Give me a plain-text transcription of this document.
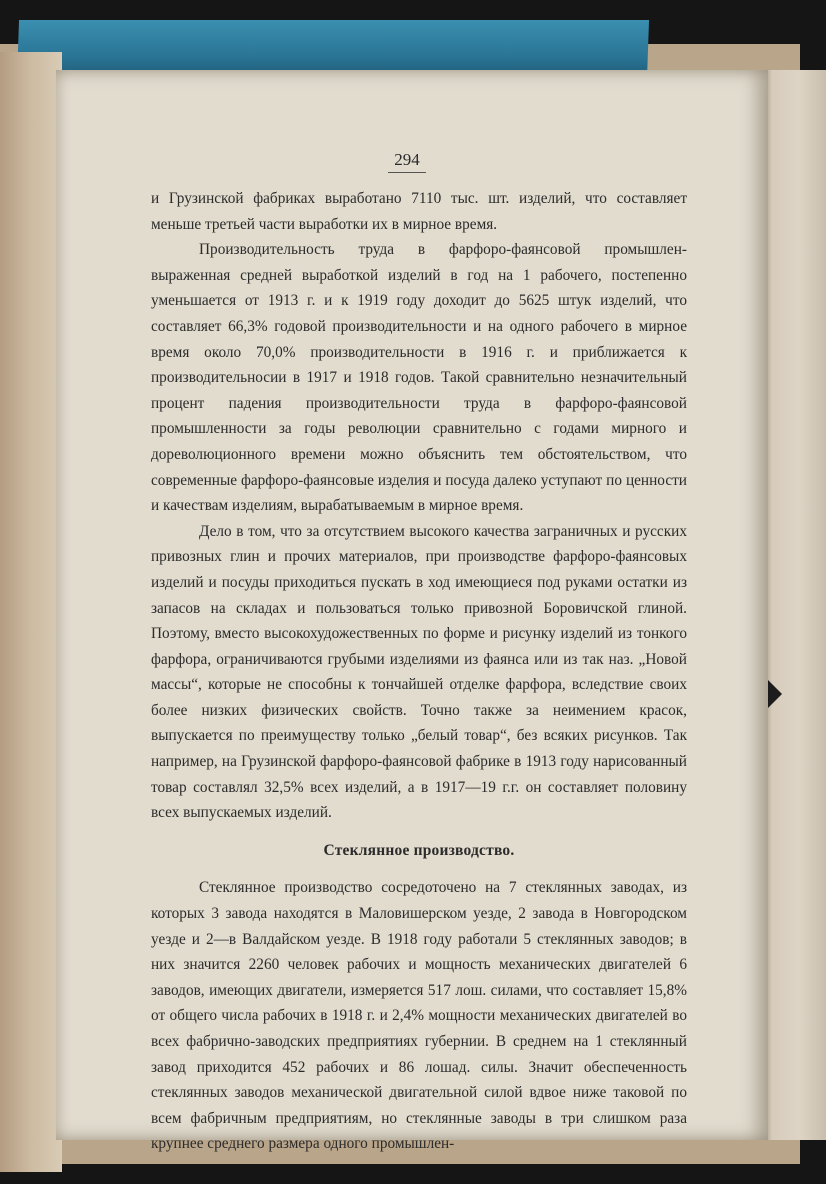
294

и Грузинской фабриках выработано 7110 тыс. шт. изделий, что составляет меньше третьей части выработки их в мирное время.

Производительность труда в фарфоро-фаянсовой промышлен- выраженная средней выработкой изделий в год на 1 рабочего, постепенно уменьшается от 1913 г. и к 1919 году доходит до 5625 штук изделий, что составляет 66,3% годовой производительности и на одного рабочего в мирное время около 70,0% производительности в 1916 г. и приближается к производительносии в 1917 и 1918 годов. Такой сравнительно незначительный процент падения производительности труда в фарфоро-фаянсовой промышленности за годы революции сравнительно с годами мирного и дореволюционного времени можно объяснить тем обстоятельством, что современные фарфоро-фаянсовые изделия и посуда далеко уступают по ценности и качествам изделиям, вырабатываемым в мирное время.

Дело в том, что за отсутствием высокого качества заграничных и русских привозных глин и прочих материалов, при производстве фарфоро-фаянсовых изделий и посуды приходиться пускать в ход имеющиеся под руками остатки из запасов на складах и пользоваться только привозной Боровичской глиной. Поэтому, вместо высокохудожественных по форме и рисунку изделий из тонкого фарфора, ограничиваются грубыми изделиями из фаянса или из так наз. „Новой массы“, которые не способны к тончайшей отделке фарфора, вследствие своих более низких физических свойств. Точно также за неимением красок, выпускается по преимуществу только „белый товар“, без всяких рисунков. Так например, на Грузинской фарфоро-фаянсовой фабрике в 1913 году нарисованный товар составлял 32,5% всех изделий, а в 1917—19 г.г. он составляет половину всех выпускаемых изделий.

Стеклянное производство.

Стеклянное производство сосредоточено на 7 стеклянных заводах, из которых 3 завода находятся в Маловишерском уезде, 2 завода в Новгородском уезде и 2—в Валдайском уезде. В 1918 году работали 5 стеклянных заводов; в них значится 2260 человек рабочих и мощность механических двигателей 6 заводов, имеющих двигатели, измеряется 517 лош. силами, что составляет 15,8% от общего числа рабочих в 1918 г. и 2,4% мощности механических двигателей во всех фабрично-заводских предприятиях губернии. В среднем на 1 стеклянный завод приходится 452 рабочих и 86 лошад. силы. Значит обеспеченность стеклянных заводов механической двигательной силой вдвое ниже таковой по всем фабричным предприятиям, но стеклянные заводы в три слишком раза крупнее среднего размера одного промышлен-
